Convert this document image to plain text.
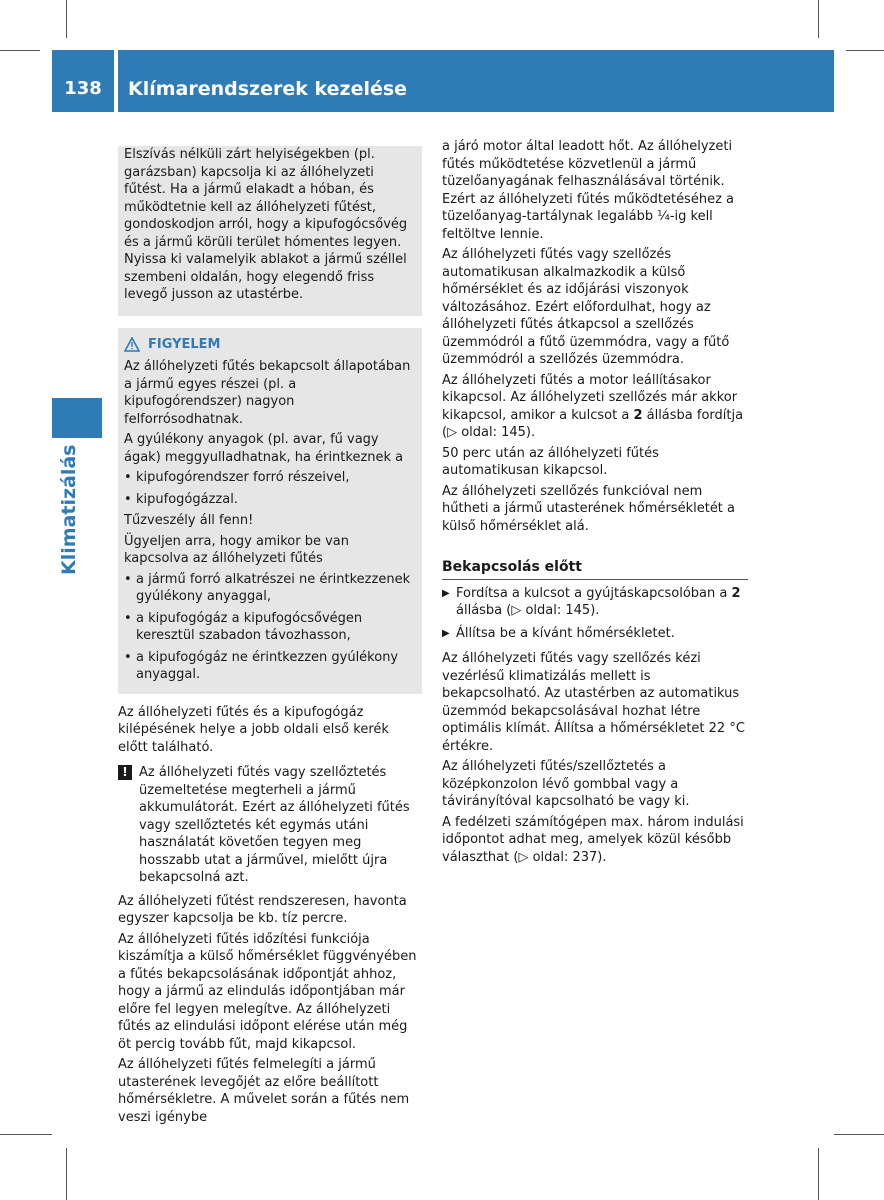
138	Klímarendszerek kezelése
Klimatizálás

Elszívás nélküli zárt helyiségekben (pl. garázsban) kapcsolja ki az állóhelyzeti fűtést. Ha a jármű elakadt a hóban, és működtetnie kell az állóhelyzeti fűtést, gondoskodjon arról, hogy a kipufogócsővég és a jármű körüli terület hómentes legyen. Nyissa ki valamelyik ablakot a jármű széllel szembeni oldalán, hogy elegendő friss levegő jusson az utastérbe.

FIGYELEM

Az állóhelyzeti fűtés bekapcsolt állapotában a jármű egyes részei (pl. a kipufogórendszer) nagyon felforrósodhatnak.

A gyúlékony anyagok (pl. avar, fű vagy ágak) meggyulladhatnak, ha érintkeznek a

•
kipufogórendszer forró részeivel,
•
kipufogógázzal.

Tűzveszély áll fenn!

Ügyeljen arra, hogy amikor be van kapcsolva az állóhelyzeti fűtés

•
a jármű forró alkatrészei ne érintkezzenek gyúlékony anyaggal,
•
a kipufogógáz a kipufogócsővégen keresztül szabadon távozhasson,
•
a kipufogógáz ne érintkezzen gyúlékony anyaggal.

Az állóhelyzeti fűtés és a kipufogógáz kilépésének helye a jobb oldali első kerék előtt található.

! Az állóhelyzeti fűtés vagy szellőztetés üzemeltetése megterheli a jármű akkumulátorát. Ezért az állóhelyzeti fűtés vagy szellőztetés két egymás utáni használatát követően tegyen meg hosszabb utat a járművel, mielőtt újra bekapcsolná azt.

Az állóhelyzeti fűtést rendszeresen, havonta egyszer kapcsolja be kb. tíz percre.

Az állóhelyzeti fűtés időzítési funkciója kiszámítja a külső hőmérséklet függvényében a fűtés bekapcsolásának időpontját ahhoz, hogy a jármű az elindulás időpontjában már előre fel legyen melegítve. Az állóhelyzeti fűtés az elindulási időpont elérése után még öt percig tovább fűt, majd kikapcsol.

Az állóhelyzeti fűtés felmelegíti a jármű utasterének levegőjét az előre beállított hőmérsékletre. A művelet során a fűtés nem veszi igénybe

a járó motor által leadott hőt. Az állóhelyzeti fűtés működtetése közvetlenül a jármű tüzelőanyagának felhasználásával történik. Ezért az állóhelyzeti fűtés működtetéséhez a tüzelőanyag-tartálynak legalább ¼-ig kell feltöltve lennie.

Az állóhelyzeti fűtés vagy szellőzés automatikusan alkalmazkodik a külső hőmérséklet és az időjárási viszonyok változásához. Ezért előfordulhat, hogy az állóhelyzeti fűtés átkapcsol a szellőzés üzemmódról a fűtő üzemmódra, vagy a fűtő üzemmódról a szellőzés üzemmódra.

Az állóhelyzeti fűtés a motor leállításakor kikapcsol. Az állóhelyzeti szellőzés már akkor kikapcsol, amikor a kulcsot a 2 állásba fordítja (▷ oldal: 145).

50 perc után az állóhelyzeti fűtés automatikusan kikapcsol.

Az állóhelyzeti szellőzés funkcióval nem hűtheti a jármű utasterének hőmérsékletét a külső hőmérséklet alá.

Bekapcsolás előtt
▶ Fordítsa a kulcsot a gyújtáskapcsolóban a 2 állásba (▷ oldal: 145).
▶ Állítsa be a kívánt hőmérsékletet.

Az állóhelyzeti fűtés vagy szellőzés kézi vezérlésű klimatizálás mellett is bekapcsolható. Az utastérben az automatikus üzemmód bekapcsolásával hozhat létre optimális klímát. Állítsa a hőmérsékletet 22 °C értékre.

Az állóhelyzeti fűtés/szellőztetés a középkonzolon lévő gombbal vagy a távirányítóval kapcsolható be vagy ki.

A fedélzeti számítógépen max. három indulási időpontot adhat meg, amelyek közül később választhat (▷ oldal: 237).
